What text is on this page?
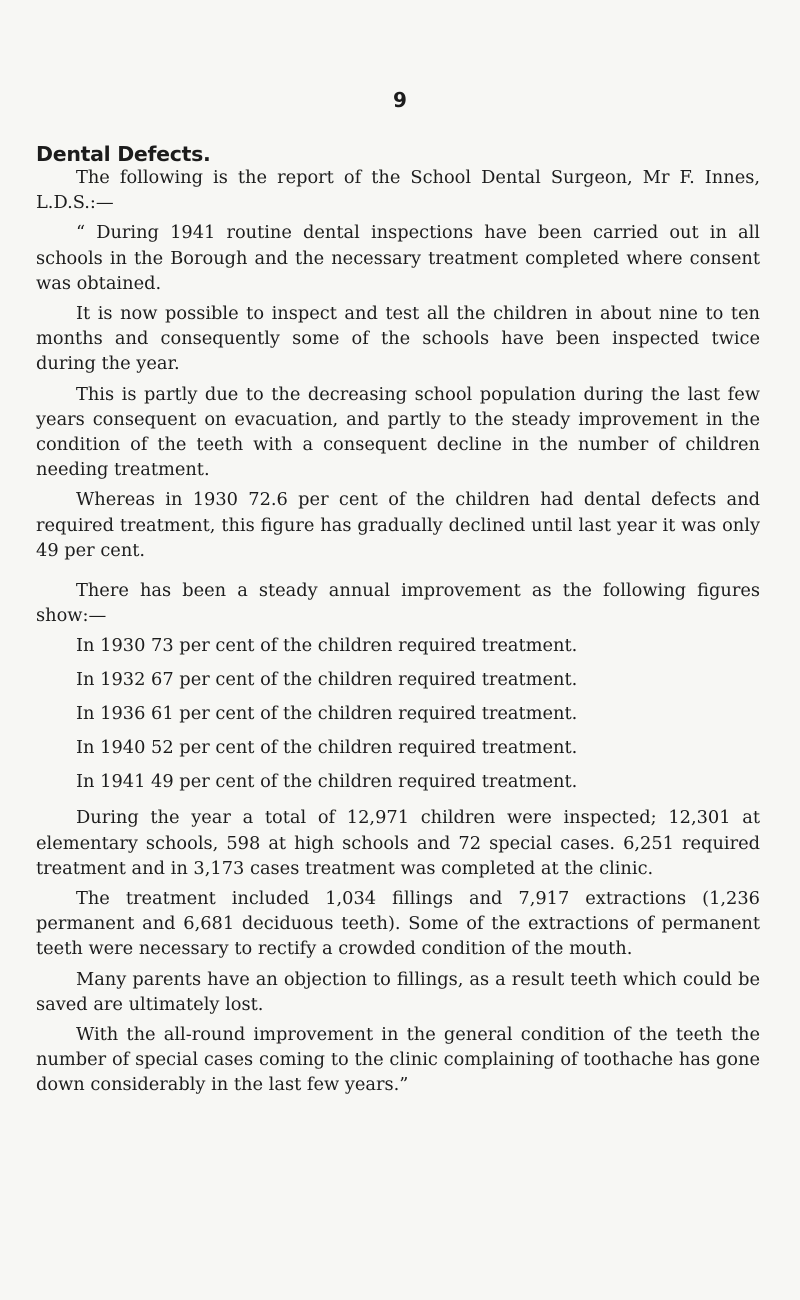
9
Dental Defects.

The following is the report of the School Dental Surgeon, Mr F. Innes, L.D.S.:—

“ During 1941 routine dental inspections have been carried out in all schools in the Borough and the necessary treatment completed where consent was obtained.

It is now possible to inspect and test all the children in about nine to ten months and consequently some of the schools have been inspected twice during the year.

This is partly due to the decreasing school population during the last few years consequent on evacuation, and partly to the steady improvement in the condition of the teeth with a consequent decline in the number of children needing treatment.

Whereas in 1930 72.6 per cent of the children had dental defects and required treatment, this figure has gradually declined until last year it was only 49 per cent.

There has been a steady annual improvement as the following figures show:—

In 1930 73 per cent of the children required treatment.
In 1932 67 per cent of the children required treatment.
In 1936 61 per cent of the children required treatment.
In 1940 52 per cent of the children required treatment.
In 1941 49 per cent of the children required treatment.

During the year a total of 12,971 children were inspected; 12,301 at elementary schools, 598 at high schools and 72 special cases. 6,251 required treatment and in 3,173 cases treatment was completed at the clinic.

The treatment included 1,034 fillings and 7,917 extractions (1,236 permanent and 6,681 deciduous teeth). Some of the extractions of permanent teeth were necessary to rectify a crowded condition of the mouth.

Many parents have an objection to fillings, as a result teeth which could be saved are ultimately lost.

With the all-round improvement in the general condition of the teeth the number of special cases coming to the clinic complaining of toothache has gone down considerably in the last few years.”
